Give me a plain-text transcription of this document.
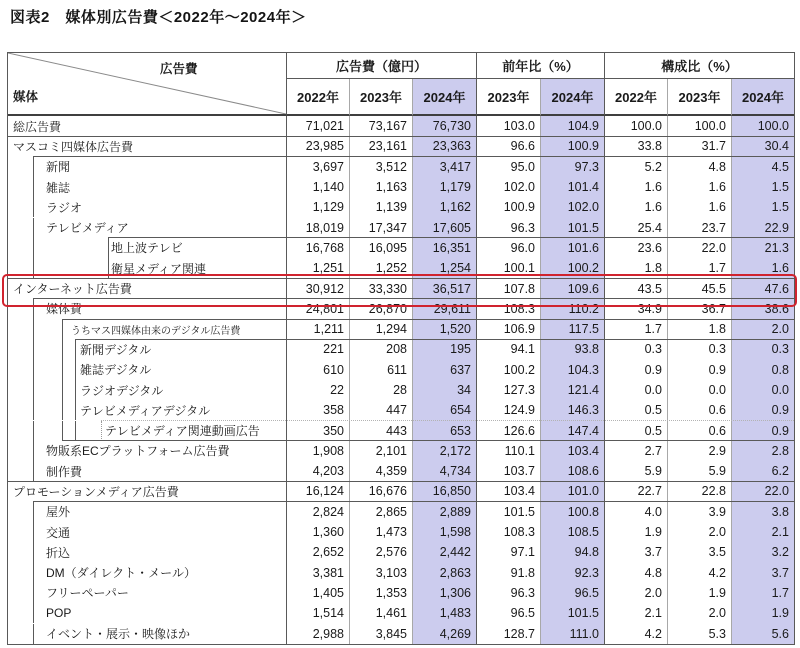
図表2　媒体別広告費＜2022年～2024年＞
広告費
媒体
広告費（億円）	前年比（%）	構成比（%）
2022年	2023年	2024年	2023年	2024年	2022年	2023年	2024年
総広告費	71,021	73,167	76,730	103.0	104.9	100.0	100.0	100.0
マスコミ四媒体広告費	23,985	23,161	23,363	96.6	100.9	33.8	31.7	30.4
新聞	3,697	3,512	3,417	95.0	97.3	5.2	4.8	4.5
雑誌	1,140	1,163	1,179	102.0	101.4	1.6	1.6	1.5
ラジオ	1,129	1,139	1,162	100.9	102.0	1.6	1.6	1.5
テレビメディア	18,019	17,347	17,605	96.3	101.5	25.4	23.7	22.9
地上波テレビ	16,768	16,095	16,351	96.0	101.6	23.6	22.0	21.3
衛星メディア関連	1,251	1,252	1,254	100.1	100.2	1.8	1.7	1.6
インターネット広告費	30,912	33,330	36,517	107.8	109.6	43.5	45.5	47.6
媒体費	24,801	26,870	29,611	108.3	110.2	34.9	36.7	38.6
うちマス四媒体由来のデジタル広告費	1,211	1,294	1,520	106.9	117.5	1.7	1.8	2.0
新聞デジタル	221	208	195	94.1	93.8	0.3	0.3	0.3
雑誌デジタル	610	611	637	100.2	104.3	0.9	0.9	0.8
ラジオデジタル	22	28	34	127.3	121.4	0.0	0.0	0.0
テレビメディアデジタル	358	447	654	124.9	146.3	0.5	0.6	0.9
テレビメディア関連動画広告	350	443	653	126.6	147.4	0.5	0.6	0.9
物販系ECプラットフォーム広告費	1,908	2,101	2,172	110.1	103.4	2.7	2.9	2.8
制作費	4,203	4,359	4,734	103.7	108.6	5.9	5.9	6.2
プロモーションメディア広告費	16,124	16,676	16,850	103.4	101.0	22.7	22.8	22.0
屋外	2,824	2,865	2,889	101.5	100.8	4.0	3.9	3.8
交通	1,360	1,473	1,598	108.3	108.5	1.9	2.0	2.1
折込	2,652	2,576	2,442	97.1	94.8	3.7	3.5	3.2
DM（ダイレクト・メール）	3,381	3,103	2,863	91.8	92.3	4.8	4.2	3.7
フリーペーパー	1,405	1,353	1,306	96.3	96.5	2.0	1.9	1.7
POP	1,514	1,461	1,483	96.5	101.5	2.1	2.0	1.9
イベント・展示・映像ほか	2,988	3,845	4,269	128.7	111.0	4.2	5.3	5.6
